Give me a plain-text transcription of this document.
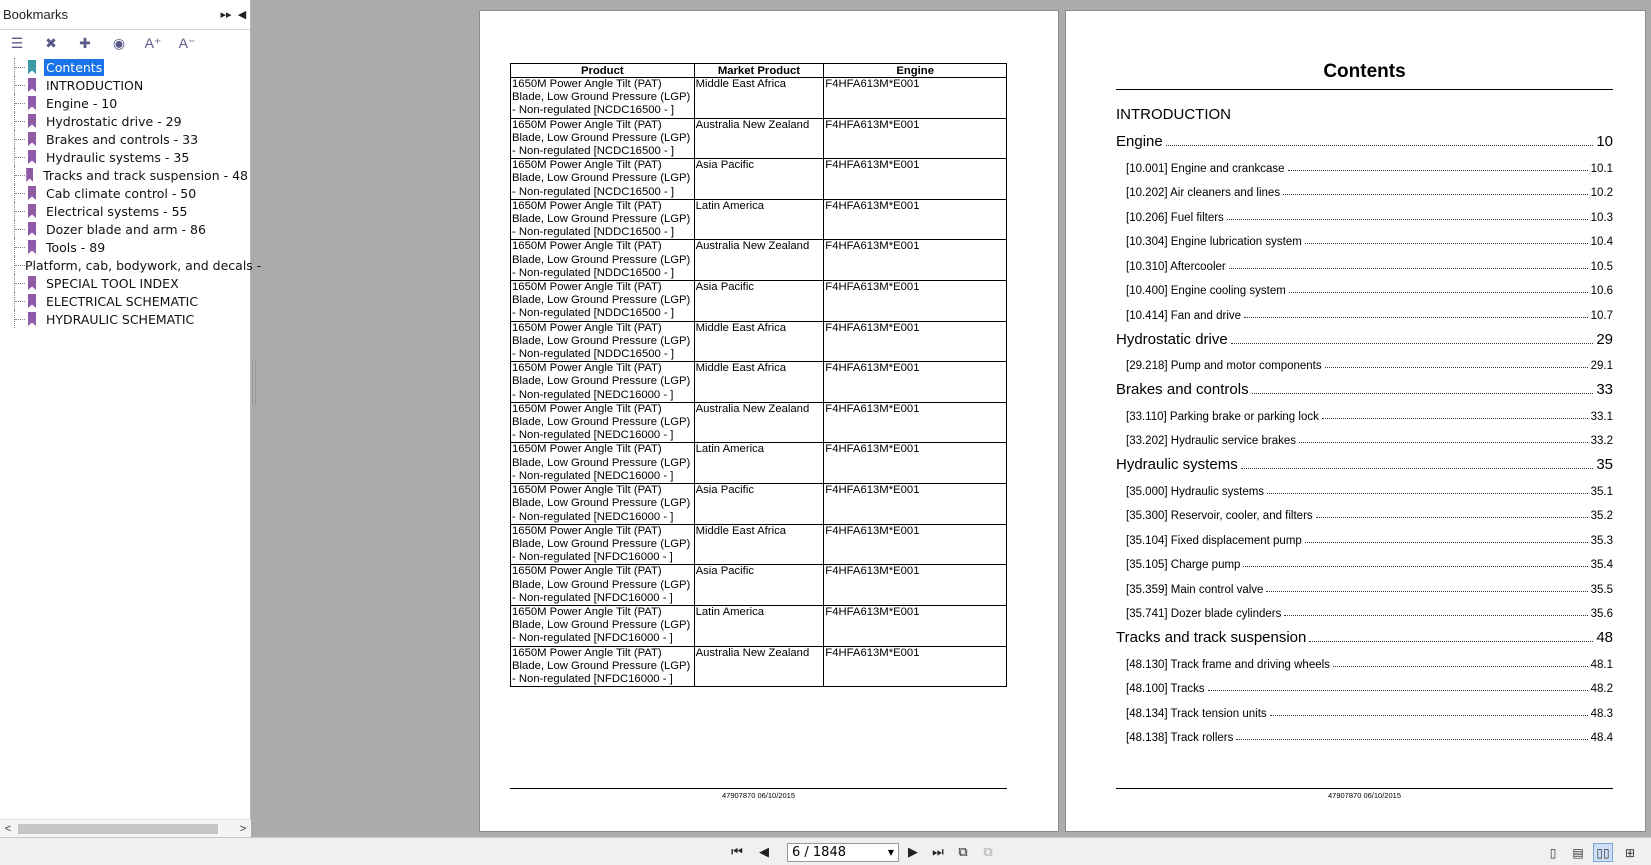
Bookmarks	▸▸ ◀
☰	✖	✚	◉	A⁺ A⁻
Contents
INTRODUCTION
Engine - 10
Hydrostatic drive - 29
Brakes and controls - 33
Hydraulic systems - 35
Tracks and track suspension - 48
Cab climate control - 50
Electrical systems - 55
Dozer blade and arm - 86
Tools - 89
Platform, cab, bodywork, and decals -
SPECIAL TOOL INDEX
ELECTRICAL SCHEMATIC
HYDRAULIC SCHEMATIC
<	>
Product	Market Product	Engine
1650M Power Angle Tilt (PAT) Blade, Low Ground Pressure (LGP) - Non-regulated [NCDC16500 - ]	Middle East Africa	F4HFA613M*E001
1650M Power Angle Tilt (PAT) Blade, Low Ground Pressure (LGP) - Non-regulated [NCDC16500 - ]	Australia New Zealand	F4HFA613M*E001
1650M Power Angle Tilt (PAT) Blade, Low Ground Pressure (LGP) - Non-regulated [NCDC16500 - ]	Asia Pacific	F4HFA613M*E001
1650M Power Angle Tilt (PAT) Blade, Low Ground Pressure (LGP) - Non-regulated [NDDC16500 - ]	Latin America	F4HFA613M*E001
1650M Power Angle Tilt (PAT) Blade, Low Ground Pressure (LGP) - Non-regulated [NDDC16500 - ]	Australia New Zealand	F4HFA613M*E001
1650M Power Angle Tilt (PAT) Blade, Low Ground Pressure (LGP) - Non-regulated [NDDC16500 - ]	Asia Pacific	F4HFA613M*E001
1650M Power Angle Tilt (PAT) Blade, Low Ground Pressure (LGP) - Non-regulated [NDDC16500 - ]	Middle East Africa	F4HFA613M*E001
1650M Power Angle Tilt (PAT) Blade, Low Ground Pressure (LGP) - Non-regulated [NEDC16000 - ]	Middle East Africa	F4HFA613M*E001
1650M Power Angle Tilt (PAT) Blade, Low Ground Pressure (LGP) - Non-regulated [NEDC16000 - ]	Australia New Zealand	F4HFA613M*E001
1650M Power Angle Tilt (PAT) Blade, Low Ground Pressure (LGP) - Non-regulated [NEDC16000 - ]	Latin America	F4HFA613M*E001
1650M Power Angle Tilt (PAT) Blade, Low Ground Pressure (LGP) - Non-regulated [NEDC16000 - ]	Asia Pacific	F4HFA613M*E001
1650M Power Angle Tilt (PAT) Blade, Low Ground Pressure (LGP) - Non-regulated [NFDC16000 - ]	Middle East Africa	F4HFA613M*E001
1650M Power Angle Tilt (PAT) Blade, Low Ground Pressure (LGP) - Non-regulated [NFDC16000 - ]	Asia Pacific	F4HFA613M*E001
1650M Power Angle Tilt (PAT) Blade, Low Ground Pressure (LGP) - Non-regulated [NFDC16000 - ]	Latin America	F4HFA613M*E001
1650M Power Angle Tilt (PAT) Blade, Low Ground Pressure (LGP) - Non-regulated [NFDC16000 - ]	Australia New Zealand	F4HFA613M*E001
47907870 06/10/2015
Contents
INTRODUCTION
Engine	10
[10.001] Engine and crankcase	10.1
[10.202] Air cleaners and lines	10.2
[10.206] Fuel filters	10.3
[10.304] Engine lubrication system	10.4
[10.310] Aftercooler	10.5
[10.400] Engine cooling system	10.6
[10.414] Fan and drive	10.7
Hydrostatic drive	29
[29.218] Pump and motor components	29.1
Brakes and controls	33
[33.110] Parking brake or parking lock	33.1
[33.202] Hydraulic service brakes	33.2
Hydraulic systems	35
[35.000] Hydraulic systems	35.1
[35.300] Reservoir, cooler, and filters	35.2
[35.104] Fixed displacement pump	35.3
[35.105] Charge pump	35.4
[35.359] Main control valve	35.5
[35.741] Dozer blade cylinders	35.6
Tracks and track suspension	48
[48.130] Track frame and driving wheels	48.1
[48.100] Tracks	48.2
[48.134] Track tension units	48.3
[48.138] Track rollers	48.4
47907870 06/10/2015
⏮ ◀ 6 / 1848	▼	▶ ⏭ ⧉ ⧉	▯ ▤ ▯▯ ⊞
